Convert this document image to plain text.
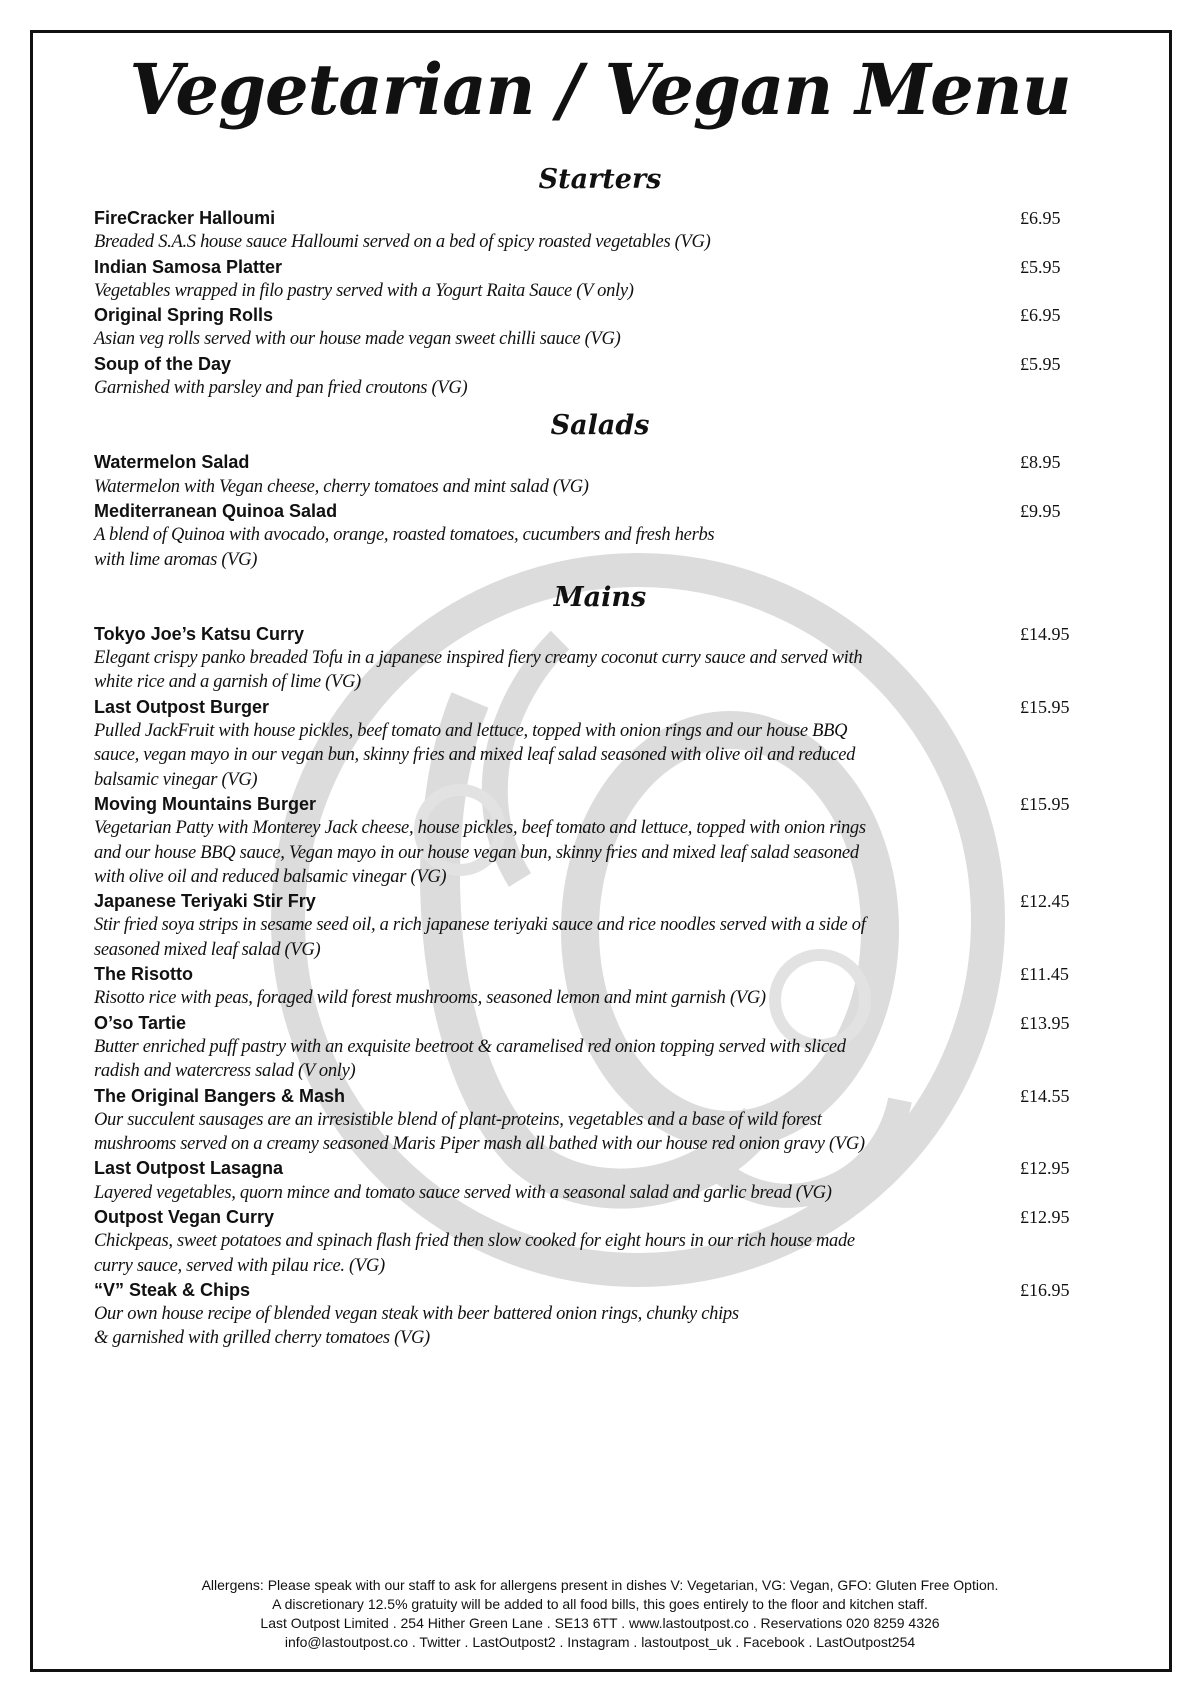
Vegetarian / Vegan Menu
Starters
FireCracker Halloumi	£6.95
Breaded S.A.S house sauce Halloumi served on a bed of spicy roasted vegetables (VG)
Indian Samosa Platter	£5.95
Vegetables wrapped in filo pastry served with a Yogurt Raita Sauce (V only)
Original Spring Rolls	£6.95
Asian veg rolls served with our house made vegan sweet chilli sauce (VG)
Soup of the Day	£5.95
Garnished with parsley and pan fried croutons (VG)
Salads
Watermelon Salad	£8.95
Watermelon with Vegan cheese, cherry tomatoes and mint salad (VG)
Mediterranean Quinoa Salad	£9.95
A blend of Quinoa with avocado, orange, roasted tomatoes, cucumbers and fresh herbs
with lime aromas (VG)
Mains
Tokyo Joe’s Katsu Curry	£14.95
Elegant crispy panko breaded Tofu in a japanese inspired fiery creamy coconut curry sauce and served with
white rice and a garnish of lime (VG)
Last Outpost Burger	£15.95
Pulled JackFruit with house pickles, beef tomato and lettuce, topped with onion rings and our house BBQ
sauce, vegan mayo in our vegan bun, skinny fries and mixed leaf salad seasoned with olive oil and reduced
balsamic vinegar (VG)
Moving Mountains Burger	£15.95
Vegetarian Patty with Monterey Jack cheese, house pickles, beef tomato and lettuce, topped with onion rings
and our house BBQ sauce, Vegan mayo in our house vegan bun, skinny fries and mixed leaf salad seasoned
with olive oil and reduced balsamic vinegar (VG)
Japanese Teriyaki Stir Fry	£12.45
Stir fried soya strips in sesame seed oil, a rich japanese teriyaki sauce and rice noodles served with a side of
seasoned mixed leaf salad (VG)
The Risotto	£11.45
Risotto rice with peas, foraged wild forest mushrooms, seasoned lemon and mint garnish (VG)
O’so Tartie	£13.95
Butter enriched puff pastry with an exquisite beetroot & caramelised red onion topping served with sliced
radish and watercress salad (V only)
The Original Bangers & Mash	£14.55
Our succulent sausages are an irresistible blend of plant-proteins, vegetables and a base of wild forest
mushrooms served on a creamy seasoned Maris Piper mash all bathed with our house red onion gravy (VG)
Last Outpost Lasagna	£12.95
Layered vegetables, quorn mince and tomato sauce served with a seasonal salad and garlic bread (VG)
Outpost Vegan Curry	£12.95
Chickpeas, sweet potatoes and spinach flash fried then slow cooked for eight hours in our rich house made
curry sauce, served with pilau rice. (VG)
“V” Steak & Chips	£16.95
Our own house recipe of blended vegan steak with beer battered onion rings, chunky chips
& garnished with grilled cherry tomatoes (VG)
Allergens: Please speak with our staff to ask for allergens present in dishes V: Vegetarian, VG: Vegan, GFO: Gluten Free Option.
A discretionary 12.5% gratuity will be added to all food bills, this goes entirely to the floor and kitchen staff.
Last Outpost Limited . 254 Hither Green Lane . SE13 6TT . www.lastoutpost.co . Reservations 020 8259 4326
info@lastoutpost.co . Twitter . LastOutpost2 . Instagram . lastoutpost_uk . Facebook . LastOutpost254
